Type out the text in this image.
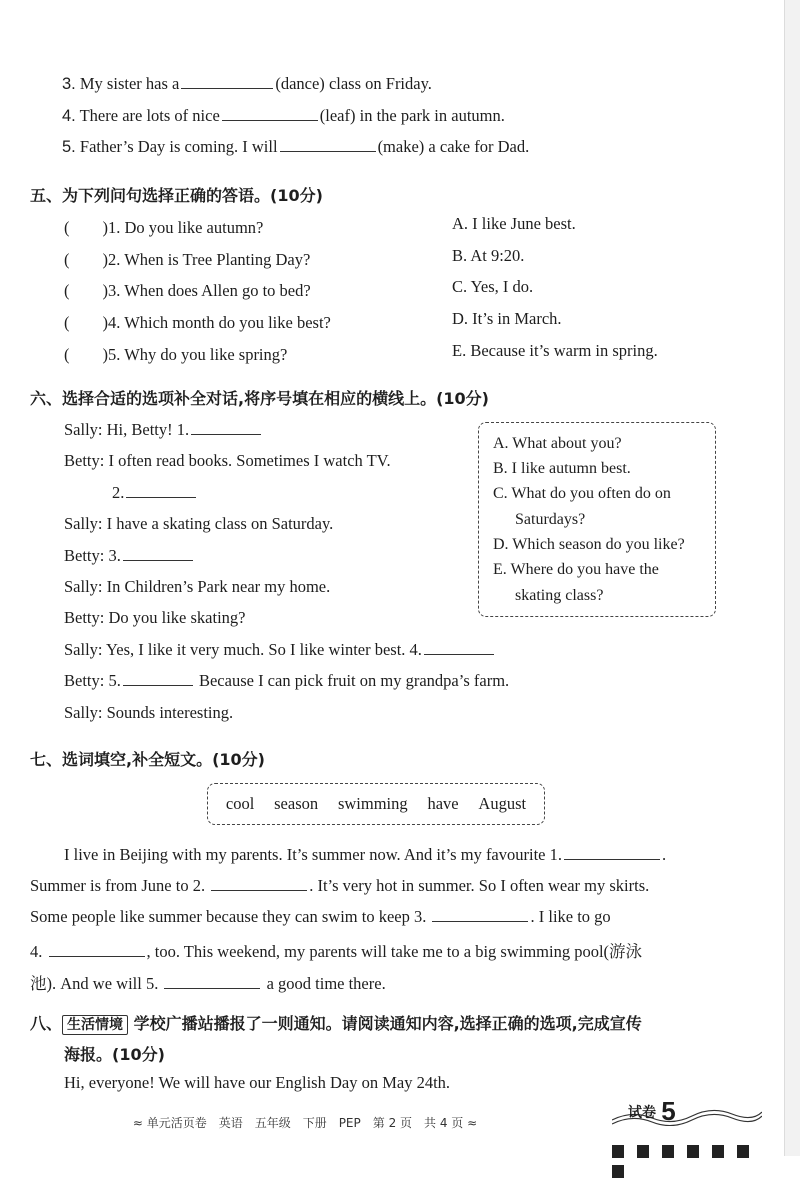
3. My sister has a	(dance) class on Friday.
4. There are lots of nice	(leaf) in the park in autumn.
5. Father’s Day is coming. I will	(make) a cake for Dad.
五、为下列问句选择正确的答语。(10分)
(　　)1. Do you like autumn?
(　　)2. When is Tree Planting Day?
(　　)3. When does Allen go to bed?
(　　)4. Which month do you like best?
(　　)5. Why do you like spring?
A. I like June best.
B. At 9:20.
C. Yes, I do.
D. It’s in March.
E. Because it’s warm in spring.
六、选择合适的选项补全对话,将序号填在相应的横线上。(10分)
Sally: Hi, Betty! 1.
Betty: I often read books. Sometimes I watch TV.
2.
Sally: I have a skating class on Saturday.
Betty: 3.
Sally: In Children’s Park near my home.
Betty: Do you like skating?
Sally: Yes, I like it very much. So I like winter best. 4.
Betty: 5.	Because I can pick fruit on my grandpa’s farm.
Sally: Sounds interesting.
A. What about you?
B. I like autumn best.
C. What do you often do on
Saturdays?
D. Which season do you like?
E. Where do you have the
skating class?
七、选词填空,补全短文。(10分)
cool season swimming have August
I live in Beijing with my parents. It’s summer now. And it’s my favourite 1.	.
Summer is from June to 2.	. It’s very hot in summer. So I often wear my skirts.
Some people like summer because they can swim to keep 3.	. I like to go
4.	, too. This weekend, my parents will take me to a big swimming pool(游泳
池). And we will 5.	a good time there.
八、 生活情境 学校广播站播报了一则通知。请阅读通知内容,选择正确的选项,完成宣传
海报。(10分)
Hi, everyone! We will have our English Day on May 24th.
≈ 单元活页卷　英语　五年级　下册　PEP　第 2 页　共 4 页 ≈
试卷 5
